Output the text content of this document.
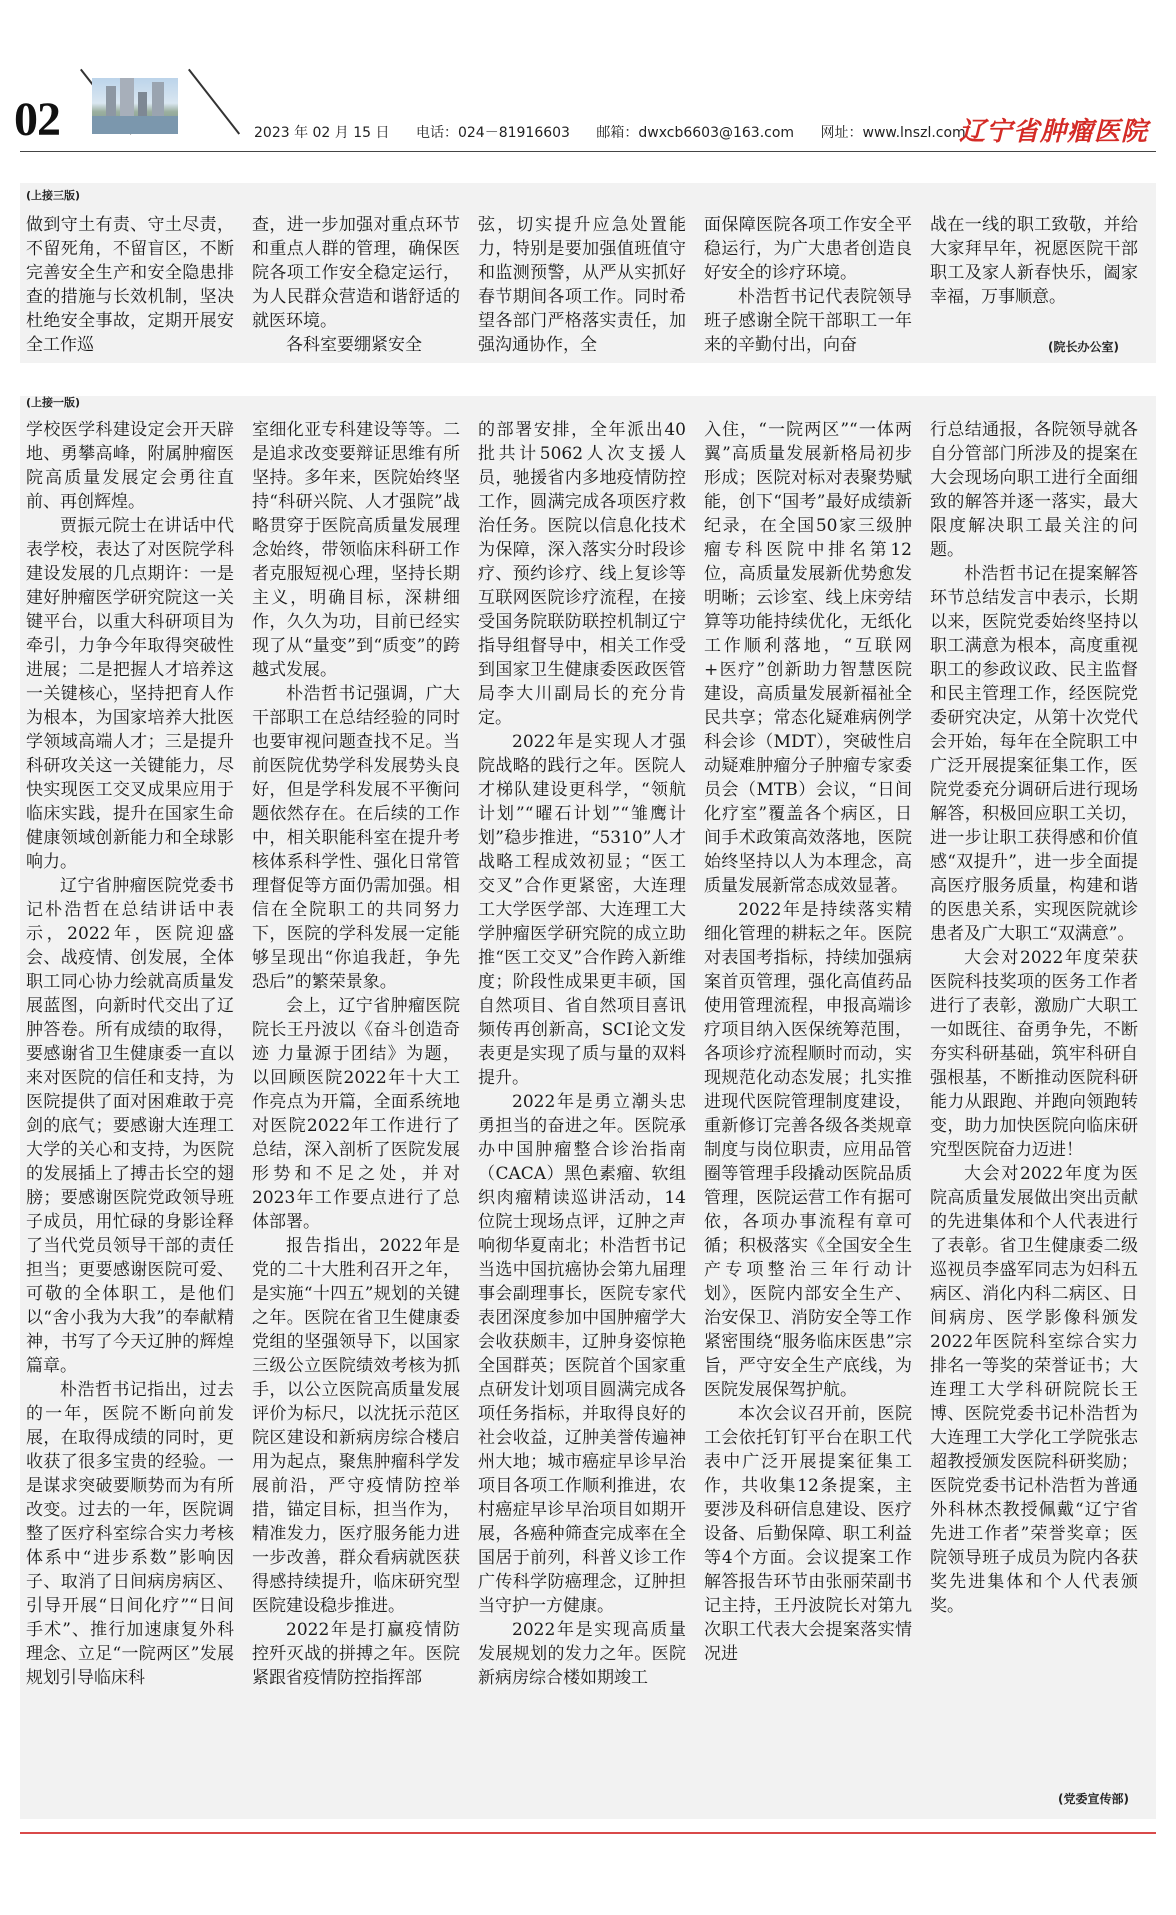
02	2023 年 02 月 15 日 电话：024－81916603 邮箱：dwxcb6603@163.com 网址：www.lnszl.com
辽宁省肿瘤医院
(上接三版)

做到守土有责、守土尽责，不留死角，不留盲区，不断完善安全生产和安全隐患排查的措施与长效机制，坚决杜绝安全事故，定期开展安全工作巡

查，进一步加强对重点环节和重点人群的管理，确保医院各项工作安全稳定运行，为人民群众营造和谐舒适的就医环境。

各科室要绷紧安全

弦，切实提升应急处置能力，特别是要加强值班值守和监测预警，从严从实抓好春节期间各项工作。同时希望各部门严格落实责任，加强沟通协作，全

面保障医院各项工作安全平稳运行，为广大患者创造良好安全的诊疗环境。

朴浩哲书记代表院领导班子感谢全院干部职工一年来的辛勤付出，向奋

战在一线的职工致敬，并给大家拜早年，祝愿医院干部职工及家人新春快乐，阖家幸福，万事顺意。

(院长办公室)
(上接一版)

学校医学科建设定会开天辟地、勇攀高峰，附属肿瘤医院高质量发展定会勇往直前、再创辉煌。

贾振元院士在讲话中代表学校，表达了对医院学科建设发展的几点期许：一是建好肿瘤医学研究院这一关键平台，以重大科研项目为牵引，力争今年取得突破性进展；二是把握人才培养这一关键核心，坚持把育人作为根本，为国家培养大批医学领域高端人才；三是提升科研攻关这一关键能力，尽快实现医工交叉成果应用于临床实践，提升在国家生命健康领域创新能力和全球影响力。

辽宁省肿瘤医院党委书记朴浩哲在总结讲话中表示，2022年，医院迎盛会、战疫情、创发展，全体职工同心协力绘就高质量发展蓝图，向新时代交出了辽肿答卷。所有成绩的取得，要感谢省卫生健康委一直以来对医院的信任和支持，为医院提供了面对困难敢于亮剑的底气；要感谢大连理工大学的关心和支持，为医院的发展插上了搏击长空的翅膀；要感谢医院党政领导班子成员，用忙碌的身影诠释了当代党员领导干部的责任担当；更要感谢医院可爱、可敬的全体职工，是他们以“舍小我为大我”的奉献精神，书写了今天辽肿的辉煌篇章。

朴浩哲书记指出，过去的一年，医院不断向前发展，在取得成绩的同时，更收获了很多宝贵的经验。一是谋求突破要顺势而为有所改变。过去的一年，医院调整了医疗科室综合实力考核体系中“进步系数”影响因子、取消了日间病房病区、引导开展“日间化疗”“日间手术”、推行加速康复外科理念、立足“一院两区”发展规划引导临床科

室细化亚专科建设等等。二是追求改变要辩证思维有所坚持。多年来，医院始终坚持“科研兴院、人才强院”战略贯穿于医院高质量发展理念始终，带领临床科研工作者克服短视心理，坚持长期主义，明确目标，深耕细作，久久为功，目前已经实现了从“量变”到“质变”的跨越式发展。

朴浩哲书记强调，广大干部职工在总结经验的同时也要审视问题查找不足。当前医院优势学科发展势头良好，但是学科发展不平衡问题依然存在。在后续的工作中，相关职能科室在提升考核体系科学性、强化日常管理督促等方面仍需加强。相信在全院职工的共同努力下，医院的学科发展一定能够呈现出“你追我赶，争先恐后”的繁荣景象。

会上，辽宁省肿瘤医院院长王丹波以《奋斗创造奇迹 力量源于团结》为题，以回顾医院2022年十大工作亮点为开篇，全面系统地对医院2022年工作进行了总结，深入剖析了医院发展形势和不足之处，并对2023年工作要点进行了总体部署。

报告指出，2022年是党的二十大胜利召开之年，是实施“十四五”规划的关键之年。医院在省卫生健康委党组的坚强领导下，以国家三级公立医院绩效考核为抓手，以公立医院高质量发展评价为标尺，以沈抚示范区院区建设和新病房综合楼启用为起点，聚焦肿瘤科学发展前沿，严守疫情防控举措，锚定目标，担当作为，精准发力，医疗服务能力进一步改善，群众看病就医获得感持续提升，临床研究型医院建设稳步推进。

2022年是打赢疫情防控歼灭战的拼搏之年。医院紧跟省疫情防控指挥部

的部署安排，全年派出40批共计5062人次支援人员，驰援省内多地疫情防控工作，圆满完成各项医疗救治任务。医院以信息化技术为保障，深入落实分时段诊疗、预约诊疗、线上复诊等互联网医院诊疗流程，在接受国务院联防联控机制辽宁指导组督导中，相关工作受到国家卫生健康委医政医管局李大川副局长的充分肯定。

2022年是实现人才强院战略的践行之年。医院人才梯队建设更科学，“领航计划”“曜石计划”“雏鹰计划”稳步推进，“5310”人才战略工程成效初显；“医工交叉”合作更紧密，大连理工大学医学部、大连理工大学肿瘤医学研究院的成立助推“医工交叉”合作跨入新维度；阶段性成果更丰硕，国自然项目、省自然项目喜讯频传再创新高，SCI论文发表更是实现了质与量的双料提升。

2022年是勇立潮头忠勇担当的奋进之年。医院承办中国肿瘤整合诊治指南（CACA）黑色素瘤、软组织肉瘤精读巡讲活动，14位院士现场点评，辽肿之声响彻华夏南北；朴浩哲书记当选中国抗癌协会第九届理事会副理事长，医院专家代表团深度参加中国肿瘤学大会收获颇丰，辽肿身姿惊艳全国群英；医院首个国家重点研发计划项目圆满完成各项任务指标，并取得良好的社会收益，辽肿美誉传遍神州大地；城市癌症早诊早治项目各项工作顺利推进，农村癌症早诊早治项目如期开展，各癌种筛查完成率在全国居于前列，科普义诊工作广传科学防癌理念，辽肿担当守护一方健康。

2022年是实现高质量发展规划的发力之年。医院新病房综合楼如期竣工

入住，“一院两区”“一体两翼”高质量发展新格局初步形成；医院对标对表聚势赋能，创下“国考”最好成绩新纪录，在全国50家三级肿瘤专科医院中排名第12位，高质量发展新优势愈发明晰；云诊室、线上床旁结算等功能持续优化，无纸化工作顺利落地，“互联网+医疗”创新助力智慧医院建设，高质量发展新福祉全民共享；常态化疑难病例学科会诊（MDT），突破性启动疑难肿瘤分子肿瘤专家委员会（MTB）会议，“日间化疗室”覆盖各个病区，日间手术政策高效落地，医院始终坚持以人为本理念，高质量发展新常态成效显著。

2022年是持续落实精细化管理的耕耘之年。医院对表国考指标，持续加强病案首页管理，强化高值药品使用管理流程，申报高端诊疗项目纳入医保统筹范围，各项诊疗流程顺时而动，实现规范化动态发展；扎实推进现代医院管理制度建设，重新修订完善各级各类规章制度与岗位职责，应用品管圈等管理手段撬动医院品质管理，医院运营工作有据可依，各项办事流程有章可循；积极落实《全国安全生产专项整治三年行动计划》，医院内部安全生产、治安保卫、消防安全等工作紧密围绕“服务临床医患”宗旨，严守安全生产底线，为医院发展保驾护航。

本次会议召开前，医院工会依托钉钉平台在职工代表中广泛开展提案征集工作，共收集12条提案，主要涉及科研信息建设、医疗设备、后勤保障、职工利益等4个方面。会议提案工作解答报告环节由张丽荣副书记主持，王丹波院长对第九次职工代表大会提案落实情况进

行总结通报，各院领导就各自分管部门所涉及的提案在大会现场向职工进行全面细致的解答并逐一落实，最大限度解决职工最关注的问题。

朴浩哲书记在提案解答环节总结发言中表示，长期以来，医院党委始终坚持以职工满意为根本，高度重视职工的参政议政、民主监督和民主管理工作，经医院党委研究决定，从第十次党代会开始，每年在全院职工中广泛开展提案征集工作，医院党委充分调研后进行现场解答，积极回应职工关切，进一步让职工获得感和价值感“双提升”，进一步全面提高医疗服务质量，构建和谐的医患关系，实现医院就诊患者及广大职工“双满意”。

大会对2022年度荣获医院科技奖项的医务工作者进行了表彰，激励广大职工一如既往、奋勇争先，不断夯实科研基础，筑牢科研自强根基，不断推动医院科研能力从跟跑、并跑向领跑转变，助力加快医院向临床研究型医院奋力迈进！

大会对2022年度为医院高质量发展做出突出贡献的先进集体和个人代表进行了表彰。省卫生健康委二级巡视员李盛军同志为妇科五病区、消化内科二病区、日间病房、医学影像科颁发2022年医院科室综合实力排名一等奖的荣誉证书；大连理工大学科研院院长王博、医院党委书记朴浩哲为大连理工大学化工学院张志超教授颁发医院科研奖励；医院党委书记朴浩哲为普通外科林杰教授佩戴“辽宁省先进工作者”荣誉奖章；医院领导班子成员为院内各获奖先进集体和个人代表颁奖。

(党委宣传部)
